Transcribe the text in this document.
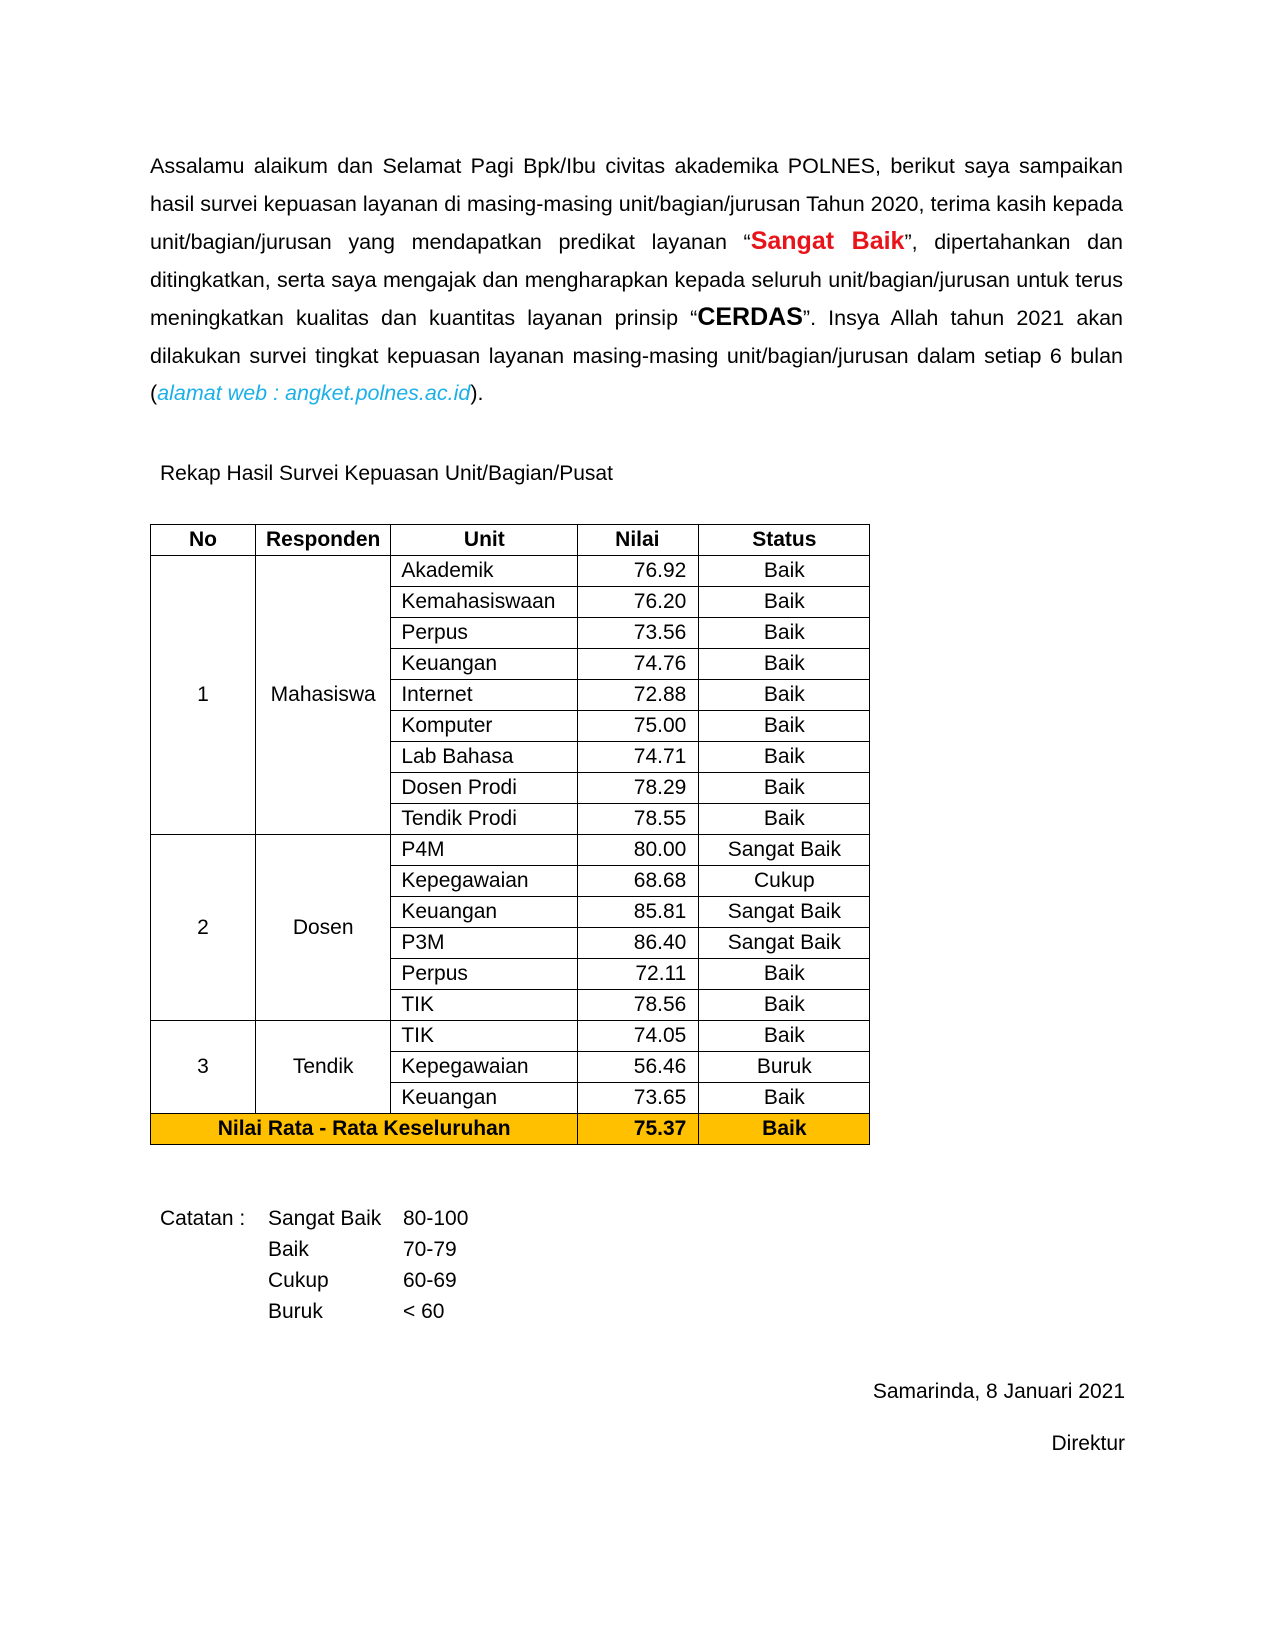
Assalamu alaikum dan Selamat Pagi Bpk/Ibu civitas akademika POLNES, berikut saya sampaikan hasil survei kepuasan layanan di masing-masing unit/bagian/jurusan Tahun 2020, terima kasih kepada unit/bagian/jurusan yang mendapatkan predikat layanan “Sangat Baik”, dipertahankan dan ditingkatkan, serta saya mengajak dan mengharapkan kepada seluruh unit/bagian/jurusan untuk terus meningkatkan kualitas dan kuantitas layanan prinsip “CERDAS”. Insya Allah tahun 2021 akan dilakukan survei tingkat kepuasan layanan masing-masing unit/bagian/jurusan dalam setiap 6 bulan (alamat web : angket.polnes.ac.id).

Rekap Hasil Survei Kepuasan Unit/Bagian/Pusat
No	Responden	Unit	Nilai	Status
1	Mahasiswa	Akademik	76.92	Baik
		Kemahasiswaan	76.20	Baik
		Perpus	73.56	Baik
		Keuangan	74.76	Baik
		Internet	72.88	Baik
		Komputer	75.00	Baik
		Lab Bahasa	74.71	Baik
		Dosen Prodi	78.29	Baik
		Tendik Prodi	78.55	Baik
2	Dosen	P4M	80.00	Sangat Baik
		Kepegawaian	68.68	Cukup
		Keuangan	85.81	Sangat Baik
		P3M	86.40	Sangat Baik
		Perpus	72.11	Baik
		TIK	78.56	Baik
3	Tendik	TIK	74.05	Baik
		Kepegawaian	56.46	Buruk
		Keuangan	73.65	Baik
Nilai Rata - Rata Keseluruhan			75.37	Baik
Catatan :	Sangat Baik	80-100
	Baik	70-79
	Cukup	60-69
	Buruk	< 60
Samarinda, 8 Januari 2021
Direktur
